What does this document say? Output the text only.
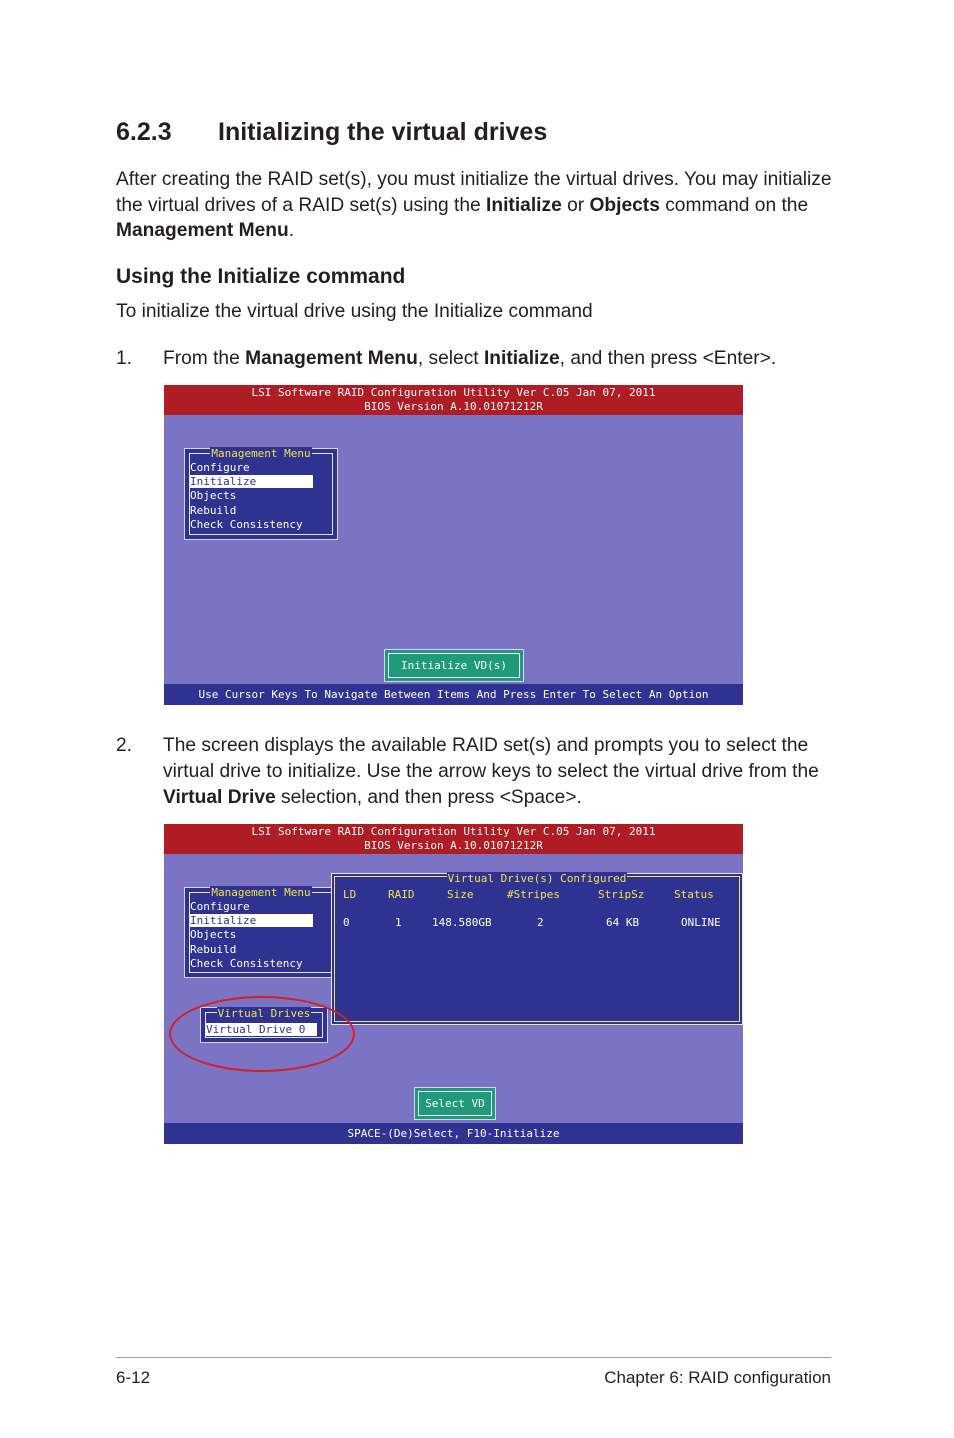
6.2.3 Initializing the virtual drives
After creating the RAID set(s), you must initialize the virtual drives. You may initialize the virtual drives of a RAID set(s) using the Initialize or Objects command on the Management Menu.
Using the Initialize command
To initialize the virtual drive using the Initialize command
1. From the Management Menu, select Initialize, and then press <Enter>.
LSI Software RAID Configuration Utility Ver C.05 Jan 07, 2011
BIOS Version A.10.01071212R
Management Menu
Configure
Initialize
Objects
Rebuild
Check Consistency
Initialize VD(s)
Use Cursor Keys To Navigate Between Items And Press Enter To Select An Option
2. The screen displays the available RAID set(s) and prompts you to select the virtual drive to initialize. Use the arrow keys to select the virtual drive from the Virtual Drive selection, and then press <Space>.
LSI Software RAID Configuration Utility Ver C.05 Jan 07, 2011
BIOS Version A.10.01071212R
Management Menu
Configure
Initialize
Objects
Rebuild
Check Consistency
Virtual Drive(s) Configured
LD	RAID	Size	#Stripes	StripSz	Status
0	1	148.580GB	2	64 KB	ONLINE
Virtual Drives
Virtual Drive 0
Select VD
SPACE-(De)Select, F10-Initialize
6-12	Chapter 6: RAID configuration
